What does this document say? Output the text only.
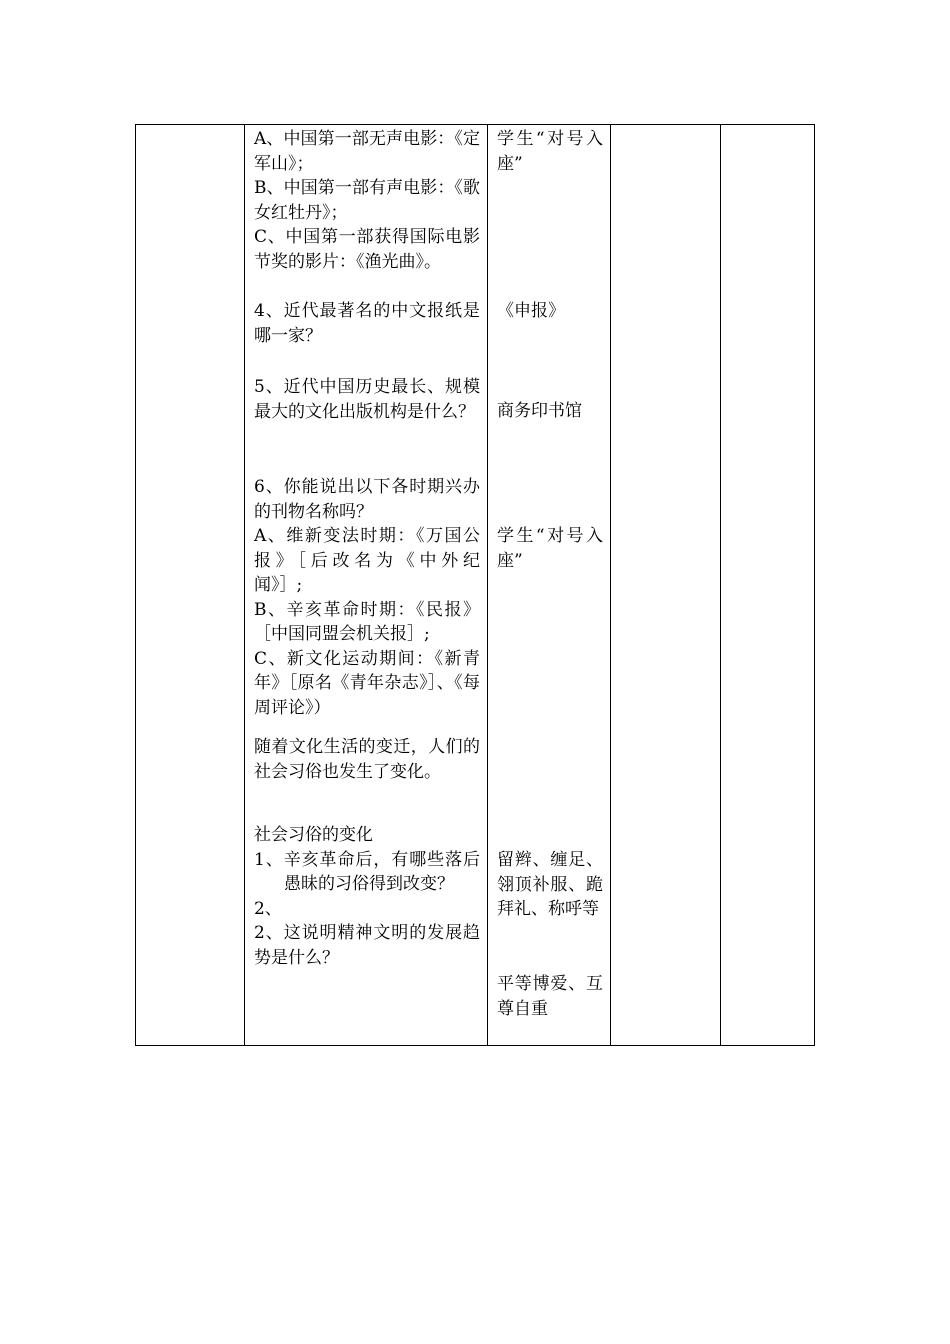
A、中国第一部无声电影：《定军山》；
B、中国第一部有声电影：《歌女红牡丹》；
C、中国第一部获得国际电影节奖的影片：《渔光曲》。
4、近代最著名的中文报纸是哪一家？
5、近代中国历史最长、规模最大的文化出版机构是什么？
6、你能说出以下各时期兴办的刊物名称吗？
A、维新变法时期：《万国公报》［后改名为《中外纪闻》］;
B、辛亥革命时期：《民报》［中国同盟会机关报］;
C、新文化运动期间：《新青年》［原名《青年杂志》］、《每周评论》）
随着文化生活的变迁，人们的社会习俗也发生了变化。
社会习俗的变化
1、辛亥革命后，有哪些落后愚昧的习俗得到改变？
2、
2、这说明精神文明的发展趋势是什么？
学生“对号入座”
《申报》
商务印书馆
学生“对号入座”
留辫、缠足、翎顶补服、跪拜礼、称呼等
平等博爱、互尊自重
